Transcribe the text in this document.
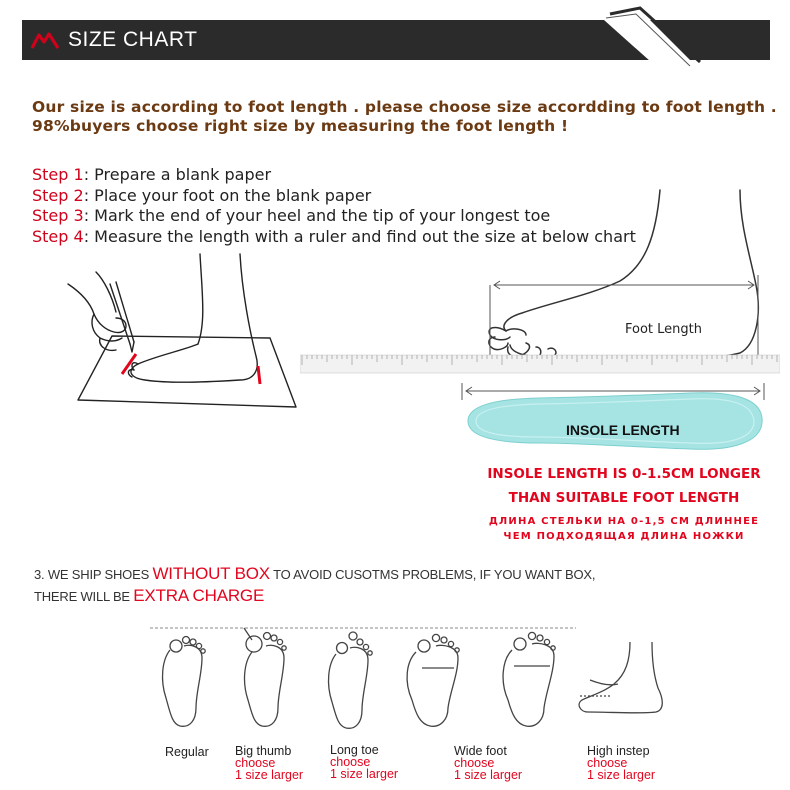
SIZE CHART
Our size is according to foot length . please choose size accordding to foot length .
98%buyers choose right size by measuring the foot length !
Step 1: Prepare a blank paper
Step 2: Place your foot on the blank paper
Step 3: Mark the end of your heel and the tip of your longest toe
Step 4: Measure the length with a ruler and find out the size at below chart
Foot Length
INSOLE LENGTH
INSOLE LENGTH IS 0-1.5CM LONGER
THAN SUITABLE FOOT LENGTH
ДЛИНА СТЕЛЬКИ НА 0-1,5 СМ ДЛИННЕЕ
ЧЕМ ПОДХОДЯЩАЯ ДЛИНА НОЖКИ
3. WE SHIP SHOES WITHOUT BOX TO AVOID CUSOTMS PROBLEMS, IF YOU WANT BOX,
THERE WILL BE EXTRA CHARGE
Regular Big thumb
choose
1 size larger
Long toe
choose
1 size larger
Wide foot
choose
1 size larger
High instep
choose
1 size larger
